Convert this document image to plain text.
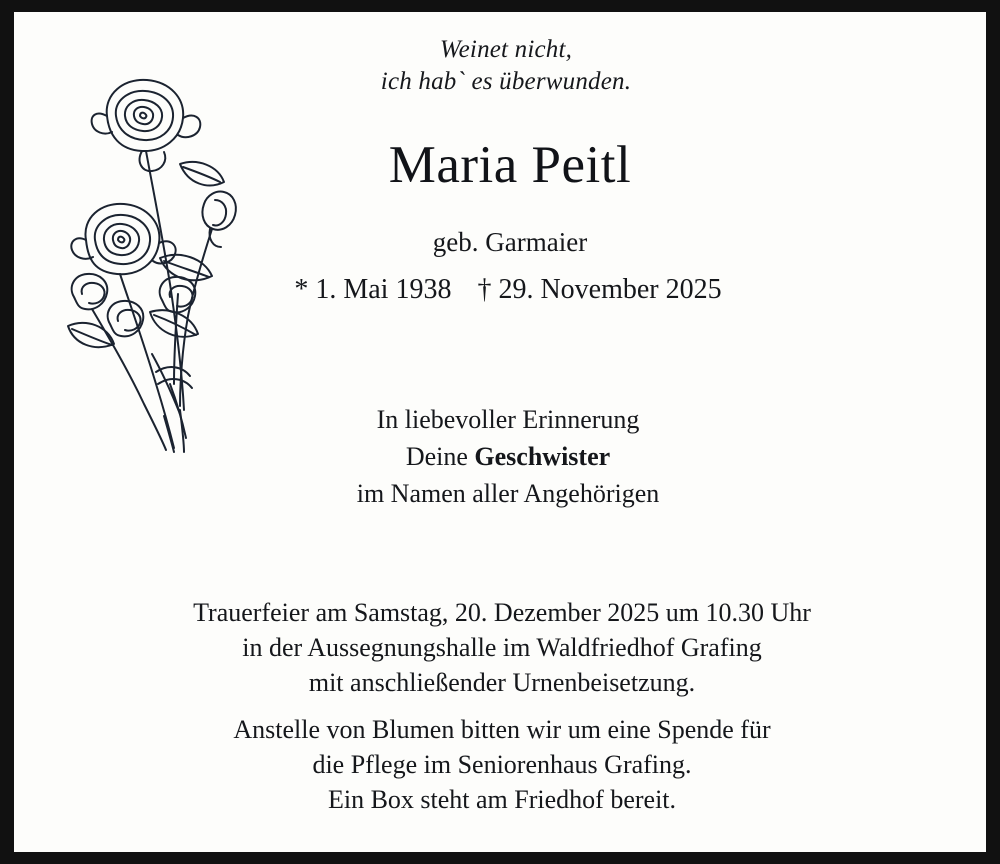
Weinet nicht,
ich hab` es überwunden.
Maria Peitl
geb. Garmaier
* 1. Mai 1938 † 29. November 2025
In liebevoller Erinnerung
Deine Geschwister
im Namen aller Angehörigen
Trauerfeier am Samstag, 20. Dezember 2025 um 10.30 Uhr
in der Aussegnungshalle im Waldfriedhof Grafing
mit anschließender Urnenbeisetzung.
Anstelle von Blumen bitten wir um eine Spende für
die Pflege im Seniorenhaus Grafing.
Ein Box steht am Friedhof bereit.
